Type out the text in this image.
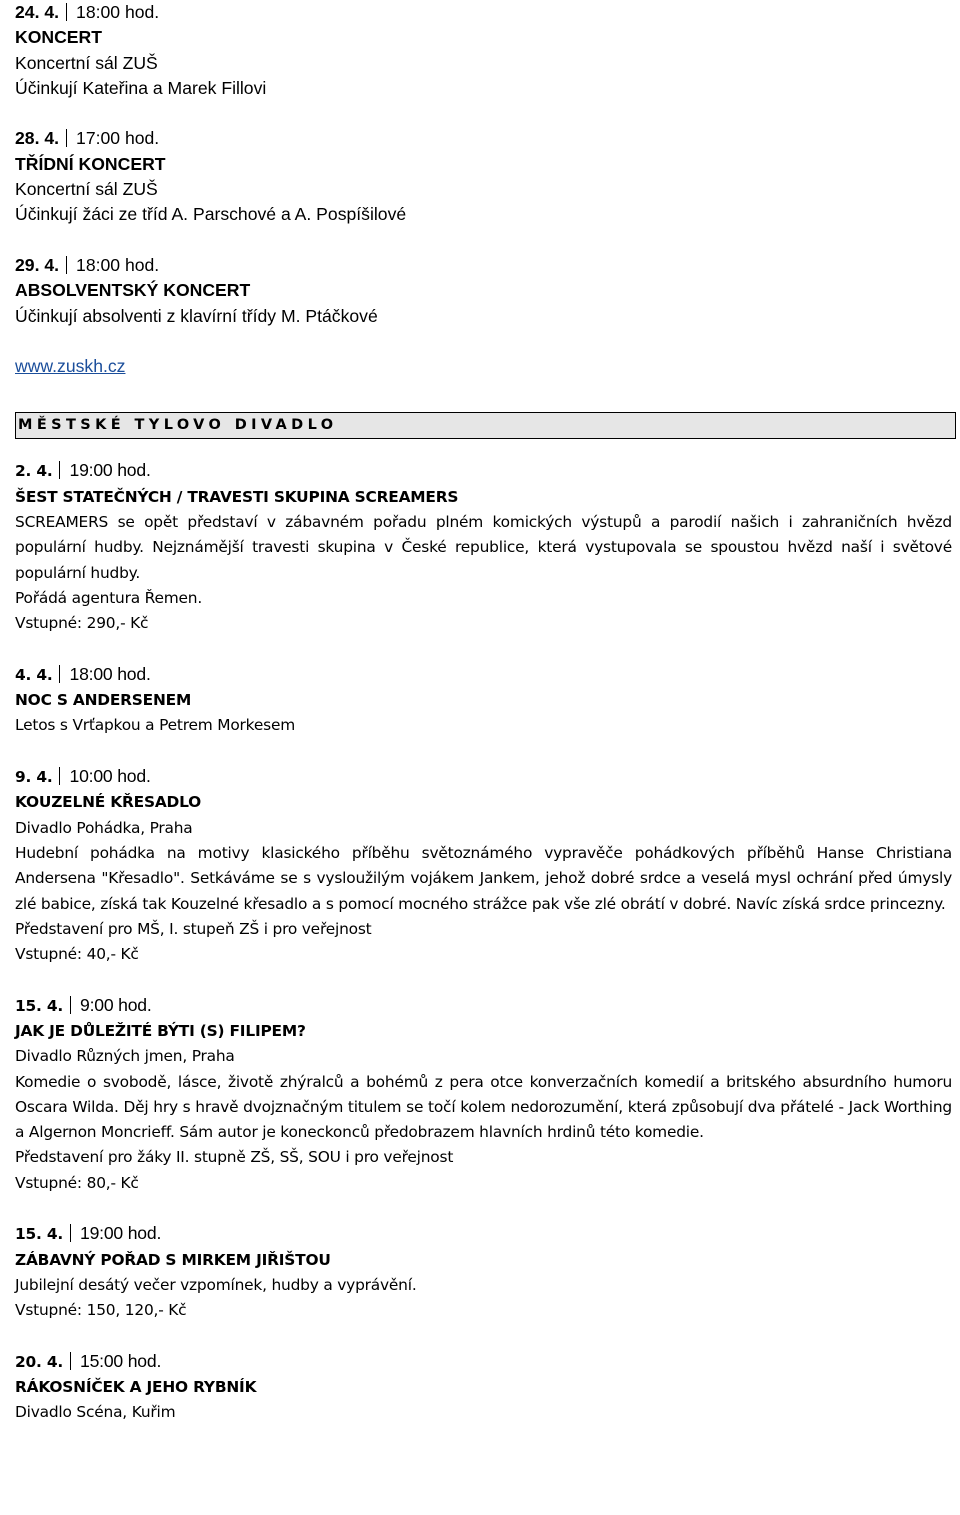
24. 4. 18:00 hod.
KONCERT
Koncertní sál ZUŠ
Účinkují Kateřina a Marek Fillovi
28. 4. 17:00 hod.
TŘÍDNÍ KONCERT
Koncertní sál ZUŠ
Účinkují žáci ze tříd A. Parschové a A. Pospíšilové
29. 4. 18:00 hod.
ABSOLVENTSKÝ KONCERT
Účinkují absolventi z klavírní třídy M. Ptáčkové
www.zuskh.cz
MĚSTSKÉ TYLOVO DIVADLO
2. 4. 19:00 hod.
ŠEST STATEČNÝCH / TRAVESTI SKUPINA SCREAMERS
SCREAMERS se opět představí v zábavném pořadu plném komických výstupů a parodií našich i zahraničních hvězd populární hudby. Nejznámější travesti skupina v České republice, která vystupovala se spoustou hvězd naší i světové populární hudby.
Pořádá agentura Řemen.
Vstupné: 290,- Kč
4. 4. 18:00 hod.
NOC S ANDERSENEM
Letos s Vrťapkou a Petrem Morkesem
9. 4. 10:00 hod.
KOUZELNÉ KŘESADLO
Divadlo Pohádka, Praha
Hudební pohádka na motivy klasického příběhu světoznámého vypravěče pohádkových příběhů Hanse Christiana Andersena "Křesadlo". Setkáváme se s vysloužilým vojákem Jankem, jehož dobré srdce a veselá mysl ochrání před úmysly zlé babice, získá tak Kouzelné křesadlo a s pomocí mocného strážce pak vše zlé obrátí v dobré. Navíc získá srdce princezny.
Představení pro MŠ, I. stupeň ZŠ i pro veřejnost
Vstupné: 40,- Kč
15. 4. 9:00 hod.
JAK JE DŮLEŽITÉ BÝTI (S) FILIPEM?
Divadlo Různých jmen, Praha
Komedie o svobodě, lásce, životě zhýralců a bohémů z pera otce konverzačních komedií a britského absurdního humoru Oscara Wilda. Děj hry s hravě dvojznačným titulem se točí kolem nedorozumění, která způsobují dva přátelé - Jack Worthing a Algernon Moncrieff. Sám autor je koneckonců předobrazem hlavních hrdinů této komedie.
Představení pro žáky II. stupně ZŠ, SŠ, SOU i pro veřejnost
Vstupné: 80,- Kč
15. 4. 19:00 hod.
ZÁBAVNÝ POŘAD S MIRKEM JIŘIŠTOU
Jubilejní desátý večer vzpomínek, hudby a vyprávění.
Vstupné: 150, 120,- Kč
20. 4. 15:00 hod.
RÁKOSNÍČEK A JEHO RYBNÍK
Divadlo Scéna, Kuřim
